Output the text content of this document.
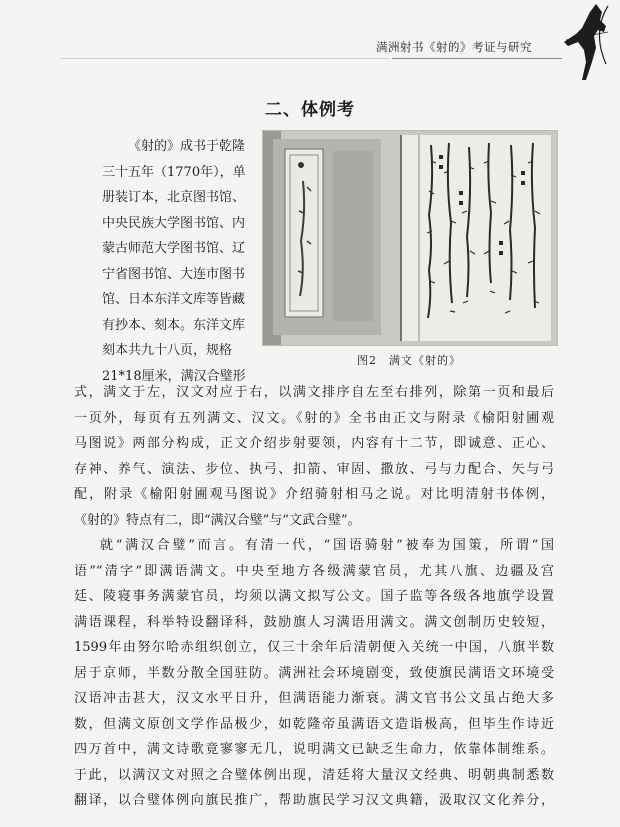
满洲射书《射的》考证与研究
二、体例考
《射的》成书于乾隆
三十五年（1770年），单
册装订本，北京图书馆、
中央民族大学图书馆、内
蒙古师范大学图书馆、辽
宁省图书馆、大连市图书
馆、日本东洋文库等皆藏
有抄本、刻本。东洋文库
刻本共九十八页，规格
21*18厘米，满汉合璧形
图2　满文《射的》
式，满文于左，汉文对应于右，以满文排序自左至右排列，除第一页和最后
一页外，每页有五列满文、汉文。《射的》全书由正文与附录《榆阳射圃观
马图说》两部分构成，正文介绍步射要领，内容有十二节，即诚意、正心、
存神、养气、演法、步位、执弓、扣箭、审固、撒放、弓与力配合、矢与弓
配，附录《榆阳射圃观马图说》介绍骑射相马之说。对比明清射书体例，
《射的》特点有二，即“满汉合璧”与“文武合璧”。
就“满汉合璧”而言。有清一代，“国语骑射”被奉为国策，所谓“国
语”“清字”即满语满文。中央至地方各级满蒙官员，尤其八旗、边疆及宫
廷、陵寝事务满蒙官员，均须以满文拟写公文。国子监等各级各地旗学设置
满语课程，科举特设翻译科，鼓励旗人习满语用满文。满文创制历史较短，
1599年由努尔哈赤组织创立，仅三十余年后清朝便入关统一中国，八旗半数
居于京师，半数分散全国驻防。满洲社会环境剧变，致使旗民满语文环境受
汉语冲击甚大，汉文水平日升，但满语能力渐衰。满文官书公文虽占绝大多
数，但满文原创文学作品极少，如乾隆帝虽满语文造诣极高，但毕生作诗近
四万首中，满文诗歌竟寥寥无几，说明满文已缺乏生命力，依靠体制维系。
于此，以满汉文对照之合璧体例出现，清廷将大量汉文经典、明朝典制悉数
翻译，以合璧体例向旗民推广，帮助旗民学习汉文典籍，汲取汉文化养分，
